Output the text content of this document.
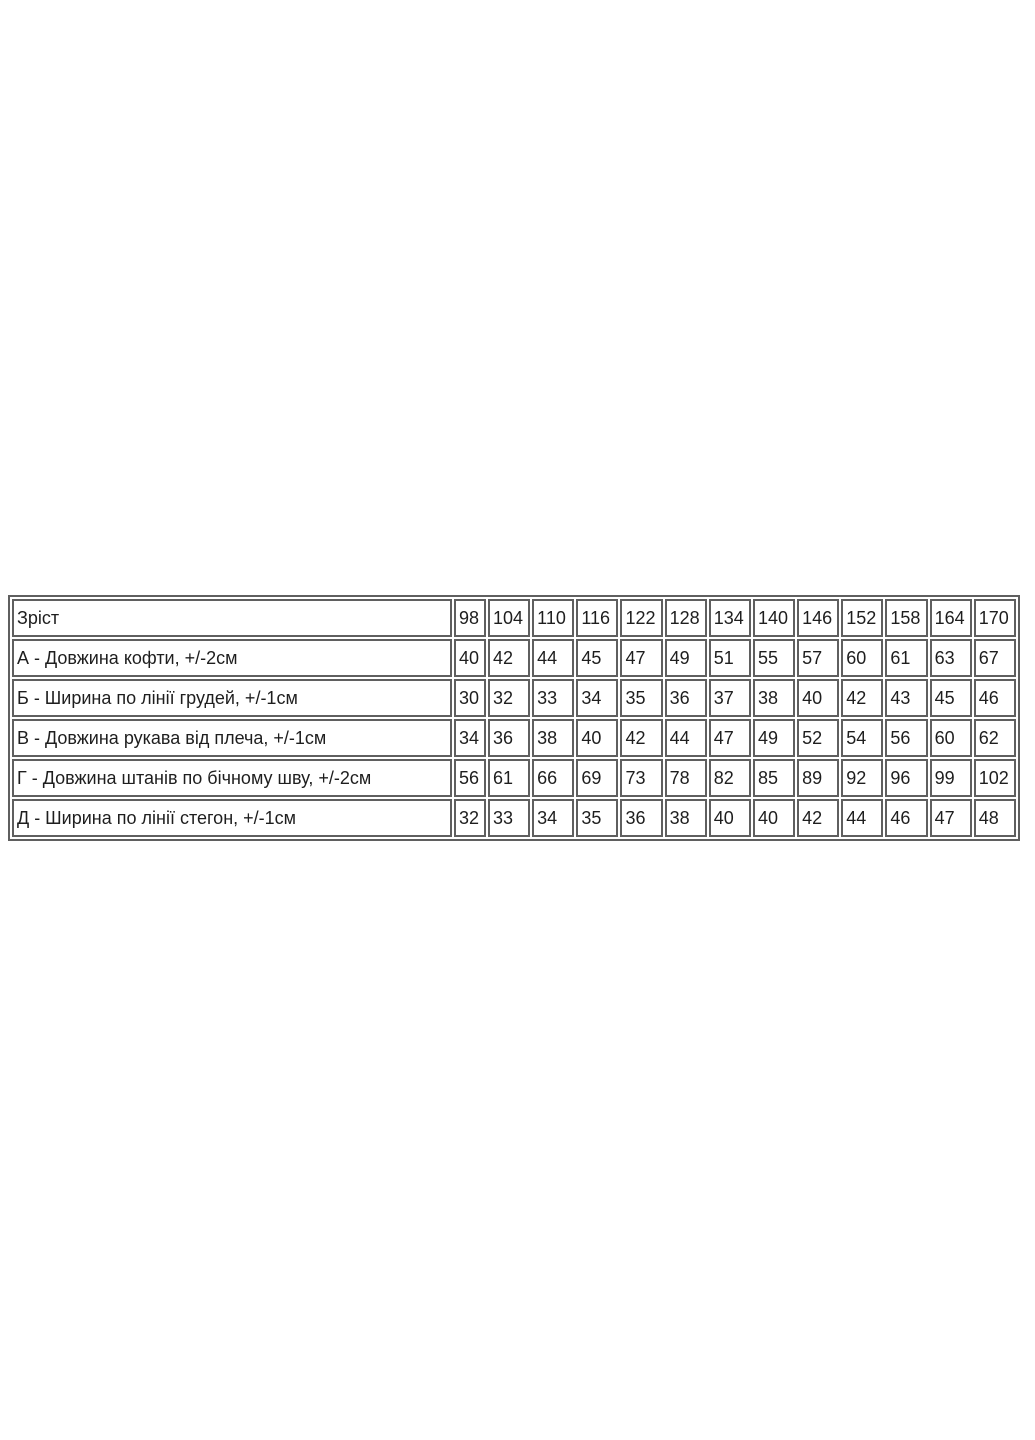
Зріст	98	104	110	116	122	128	134	140	146	152	158	164	170
А - Довжина кофти, +/-2см	40	42	44	45	47	49	51	55	57	60	61	63	67
Б - Ширина по лінії грудей, +/-1см	30	32	33	34	35	36	37	38	40	42	43	45	46
В - Довжина рукава від плеча, +/-1см	34	36	38	40	42	44	47	49	52	54	56	60	62
Г - Довжина штанів по бічному шву, +/-2см	56	61	66	69	73	78	82	85	89	92	96	99	102
Д - Ширина по лінії стегон, +/-1см	32	33	34	35	36	38	40	40	42	44	46	47	48
